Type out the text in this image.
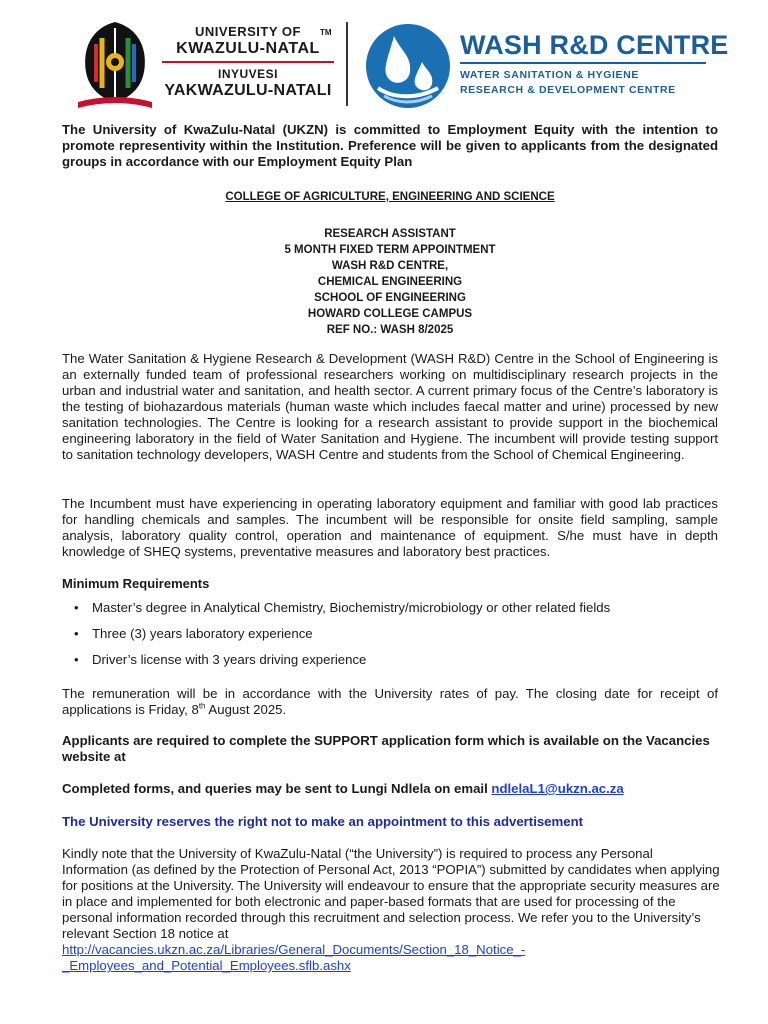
UNIVERSITY OF
KWAZULU-NATAL
INYUVESI
YAKWAZULU-NATALI
TM	WASH R&D CENTRE
WATER SANITATION & HYGIENE
RESEARCH & DEVELOPMENT CENTRE
The University of KwaZulu-Natal (UKZN) is committed to Employment Equity with the intention to promote representivity within the Institution. Preference will be given to applicants from the designated groups in accordance with our Employment Equity Plan
COLLEGE OF AGRICULTURE, ENGINEERING AND SCIENCE
RESEARCH ASSISTANT
5 MONTH FIXED TERM APPOINTMENT
WASH R&D CENTRE,
CHEMICAL ENGINEERING
SCHOOL OF ENGINEERING
HOWARD COLLEGE CAMPUS
REF NO.: WASH 8/2025
The Water Sanitation & Hygiene Research & Development (WASH R&D) Centre in the School of Engineering is an externally funded team of professional researchers working on multidisciplinary research projects in the urban and industrial water and sanitation, and health sector. A current primary focus of the Centre’s laboratory is the testing of biohazardous materials (human waste which includes faecal matter and urine) processed by new sanitation technologies. The Centre is looking for a research assistant to provide support in the biochemical engineering laboratory in the field of Water Sanitation and Hygiene. The incumbent will provide testing support to sanitation technology developers, WASH Centre and students from the School of Chemical Engineering.
The Incumbent must have experiencing in operating laboratory equipment and familiar with good lab practices for handling chemicals and samples. The incumbent will be responsible for onsite field sampling, sample analysis, laboratory quality control, operation and maintenance of equipment. S/he must have in depth knowledge of SHEQ systems, preventative measures and laboratory best practices.
Minimum Requirements
• Master’s degree in Analytical Chemistry, Biochemistry/microbiology or other related fields
• Three (3) years laboratory experience
• Driver’s license with 3 years driving experience
The remuneration will be in accordance with the University rates of pay. The closing date for receipt of applications is Friday, 8th August 2025.
Applicants are required to complete the SUPPORT application form which is available on the Vacancies website at
Completed forms, and queries may be sent to Lungi Ndlela on email ndlelaL1@ukzn.ac.za
The University reserves the right not to make an appointment to this advertisement
Kindly note that the University of KwaZulu-Natal (“the University”) is required to process any Personal Information (as defined by the Protection of Personal Act, 2013 “POPIA”) submitted by candidates when applying for positions at the University. The University will endeavour to ensure that the appropriate security measures are in place and implemented for both electronic and paper-based formats that are used for processing of the personal information recorded through this recruitment and selection process. We refer you to the University’s relevant Section 18 notice at
http://vacancies.ukzn.ac.za/Libraries/General_Documents/Section_18_Notice_-
_Employees_and_Potential_Employees.sflb.ashx
